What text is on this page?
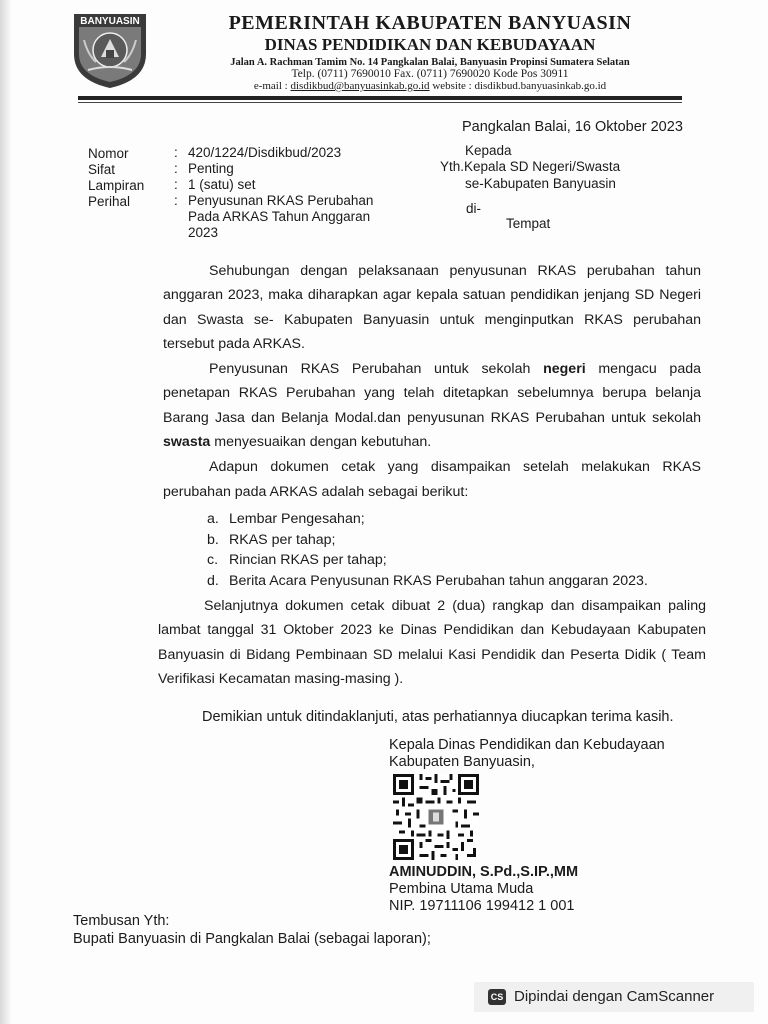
BANYUASIN	PEMERINTAH KABUPATEN BANYUASIN
DINAS PENDIDIKAN DAN KEBUDAYAAN
Jalan A. Rachman Tamim No. 14 Pangkalan Balai, Banyuasin Propinsi Sumatera Selatan
Telp. (0711) 7690010 Fax. (0711) 7690020 Kode Pos 30911
e-mail : disdikbud@banyuasinkab.go.id website : disdikbud.banyuasinkab.go.id
Pangkalan Balai, 16 Oktober 2023
Nomor	: 420/1224/Disdikbud/2023
Sifat	: Penting
Lampiran : 1 (satu) set
Perihal	: Penyusunan RKAS Perubahan
Pada ARKAS Tahun Anggaran
2023
Kepada
Yth.Kepala SD Negeri/Swasta
se-Kabupaten Banyuasin
di-
Tempat

Sehubungan dengan pelaksanaan penyusunan RKAS perubahan tahun anggaran 2023, maka diharapkan agar kepala satuan pendidikan jenjang SD Negeri dan Swasta se- Kabupaten Banyuasin untuk menginputkan RKAS perubahan tersebut pada ARKAS.

Penyusunan RKAS Perubahan untuk sekolah negeri mengacu pada penetapan RKAS Perubahan yang telah ditetapkan sebelumnya berupa belanja Barang Jasa dan Belanja Modal.dan penyusunan RKAS Perubahan untuk sekolah swasta menyesuaikan dengan kebutuhan.

Adapun dokumen cetak yang disampaikan setelah melakukan RKAS perubahan pada ARKAS adalah sebagai berikut:

a. Lembar Pengesahan;
b. RKAS per tahap;
c. Rincian RKAS per tahap;
d. Berita Acara Penyusunan RKAS Perubahan tahun anggaran 2023.

Selanjutnya dokumen cetak dibuat 2 (dua) rangkap dan disampaikan paling lambat tanggal 31 Oktober 2023 ke Dinas Pendidikan dan Kebudayaan Kabupaten Banyuasin di Bidang Pembinaan SD melalui Kasi Pendidik dan Peserta Didik ( Team Verifikasi Kecamatan masing-masing ).

Demikian untuk ditindaklanjuti, atas perhatiannya diucapkan terima kasih.
Kepala Dinas Pendidikan dan Kebudayaan
Kabupaten Banyuasin,
AMINUDDIN, S.Pd.,S.IP.,MM
Pembina Utama Muda
NIP. 19711106 199412 1 001
Tembusan Yth:
Bupati Banyuasin di Pangkalan Balai (sebagai laporan);
CS Dipindai dengan CamScanner
